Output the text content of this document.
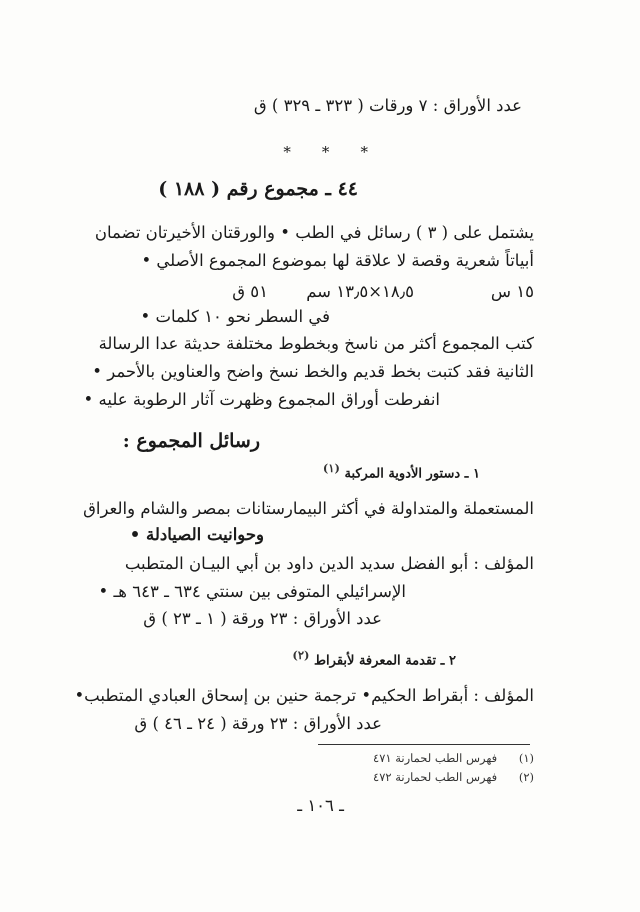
عدد الأوراق : ٧ ورقات ( ٣٢٣ ـ ٣٢٩ ) ق
* * *
٤٤ ـ مجموع رقم ( ١٨٨ )
يشتمل على ( ٣ ) رسائل في الطب • والورقتان الأخيرتان تضمان
أبياتاً شعرية وقصة لا علاقة لها بموضوع المجموع الأصلي •
٥١ ق ١٨٫٥×١٣٫٥ سم	١٥ س
في السطر نحو ١٠ كلمات •
كتب المجموع أكثر من ناسخ وبخطوط مختلفة حديثة عدا الرسالة
الثانية فقد كتبت بخط قديم والخط نسخ واضح والعناوين بالأحمر •
انفرطت أوراق المجموع وظهرت آثار الرطوبة عليه •
رسائل المجموع :
١ ـ دستور الأدوية المركبة (١)
المستعملة والمتداولة في أكثر البيمارستانات بمصر والشام والعراق
وحوانيت الصيادلة •
المؤلف : أبو الفضل سديد الدين داود بن أبي البيـان المتطبب
الإسرائيلي المتوفى بين سنتي ٦٣٤ ـ ٦٤٣ هـ •
عدد الأوراق : ٢٣ ورقة ( ١ ـ ٢٣ ) ق
٢ ـ تقدمة المعرفة لأبقراط (٢)
المؤلف : أبقراط الحكيم• ترجمة حنين بن إسحاق العبادي المتطبب•
عدد الأوراق : ٢٣ ورقة ( ٢٤ ـ ٤٦ ) ق
(١) فهرس الطب لحمارنة ٤٧١
(٢) فهرس الطب لحمارنة ٤٧٢
ـ ١٠٦ ـ
